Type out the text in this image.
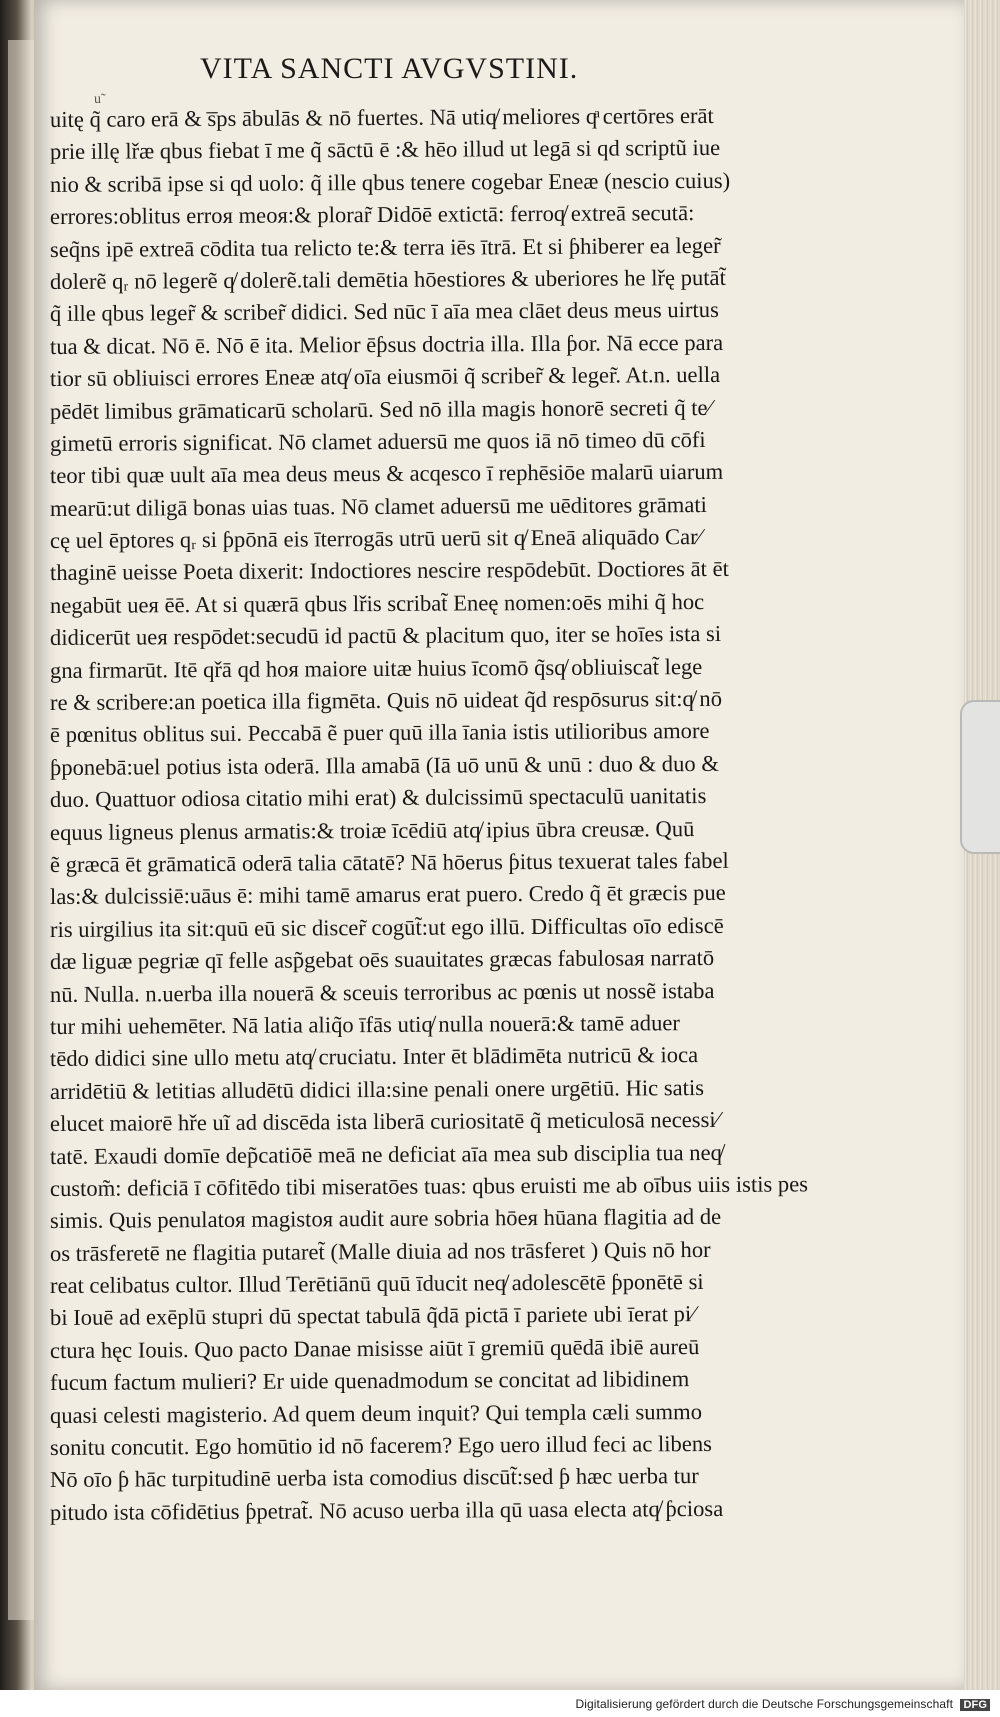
VITA SANCTI AVGVSTINI.
u˜
uitę q̃ caro erā & s̅ps ābulās & nō fuertes. Nā utiq̸ meliores qͣ certōres erāt
prie illę lřæ qbus fiebat ī me q̃ sāctū ē :& hēo illud ut legā si qd scriptũ iue
nio & scribā ipse si qd uolo: q̃ ille qbus tenere cogebar Eneæ (nescio cuius)
errores:oblitus erroя meoя:& plorar̃ Didōē extictā: ferroq̸ extreā secutā:
seq̃ns ipē extreā cōdita tua relicto te:& terra iēs ītrā. Et si ƥhiberer ea leger̃
dolerẽ qᵣ nō legerẽ q̸ dolerẽ.tali demētia hōestiores & uberiores he lřę putāt̃
q̃ ille qbus leger̃ & scriber̃ didici. Sed nūc ī aīa mea clāet deus meus uirtus
tua & dicat. Nō ē. Nō ē ita. Melior ēƥsus doctria illa. Illa ƥor. Nā ecce para
tior sū obliuisci errores Eneæ atq̸ oīa eiusmōi q̃ scriber̃ & leger̃. At.n. uella
pēdēt limibus grāmaticarū scholarū. Sed nō illa magis honorē secreti q̃ te⁄
gimetū erroris significat. Nō clamet aduersū me quos iā nō timeo dū cōfi
teor tibi quæ uult aīa mea deus meus & acqesco ī rephēsiōe malarū uiarum
mearū:ut diligā bonas uias tuas. Nō clamet aduersū me uēditores grāmati
cę uel ēptores qᵣ si ƥpōnā eis īterrogās utrū uerū sit q̸ Eneā aliquādo Car⁄
thaginē ueisse Poeta dixerit: Indoctiores nescire respōdebūt. Doctiores āt ēt
negabūt ueя ēē. At si quærā qbus lřis scribat̃ Eneę nomen:oēs mihi q̃ hoc
didicerūt ueя respōdet:secudū id pactū & placitum quo, iter se hoīes ista si
gna firmarūt. Itē qřā qd hoя maiore uitæ huius īcomō q̃sq̸ obliuiscat̃ lege
re & scribere:an poetica illa figmēta. Quis nō uideat q̃d respōsurus sit:q̸ nō
ē pœnitus oblitus sui. Peccabā ẽ puer quū illa īania istis utilioribus amore
ƥponebā:uel potius ista oderā. Illa amabā (Iā uō unū & unū : duo & duo &
duo. Quattuor odiosa citatio mihi erat) & dulcissimū spectaculū uanitatis
equus ligneus plenus armatis:& troiæ īcēdiū atq̸ ipius ūbra creusæ. Quū
ẽ græcā ēt grāmaticā oderā talia cātatē? Nā hōerus ƥitus texuerat tales fabel
las:& dulcissiē:uāus ē: mihi tamē amarus erat puero. Credo q̃ ēt græcis pue
ris uirgilius ita sit:quū eū sic discer̃ cogūt̃:ut ego illū. Difficultas oīo ediscē
dæ liguæ pegriæ qī felle asp̃gebat oēs suauitates græcas fabulosaя narratō
nū. Nulla. n.uerba illa nouerā & sceuis terroribus ac pœnis ut nossẽ istaba
tur mihi uehemēter. Nā latia aliq̃o īfās utiq̸ nulla nouerā:& tamē aduer
tēdo didici sine ullo metu atq̸ cruciatu. Inter ēt blādimēta nutricū & ioca
arridētiū & letitias alludētū didici illa:sine penali onere urgētiū. Hic satis
elucet maiorē hře uĩ ad discēda ista liberā curiositatē q̃ meticulosā necessi⁄
tatē. Exaudi domīe dep̃catiōē meā ne deficiat aīa mea sub disciplia tua neq̸
custom̃: deficiā ī cōfitēdo tibi miseratōes tuas: qbus eruisti me ab oībus uiis istis pes
simis. Quis penulatoя magistoя audit aure sobria hōeя hūana flagitia ad de
os trāsferetē ne flagitia putaret̃ (Malle diuia ad nos trāsferet ) Quis nō hor
reat celibatus cultor. Illud Terētiānū quū īducit neq̸ adolescētē ƥponētē si
bi Iouē ad exēplū stupri dū spectat tabulā q̃dā pictā ī pariete ubi īerat pi⁄
ctura hęc Iouis. Quo pacto Danae misisse aiūt ī gremiū quēdā ibiē aureū
fucum factum mulieri? Er uide quenadmodum se concitat ad libidinem
quasi celesti magisterio. Ad quem deum inquit? Qui templa cæli summo
sonitu concutit. Ego homūtio id nō facerem? Ego uero illud feci ac libens
Nō oīo ƥ hāc turpitudinē uerba ista comodius discūt̃:sed ƥ hæc uerba tur
pitudo ista cōfidētius ƥpetrat̃. Nō acuso uerba illa qū uasa electa atq̸ ƥciosa
Digitalisierung gefördert durch die Deutsche Forschungsgemeinschaft DFG
